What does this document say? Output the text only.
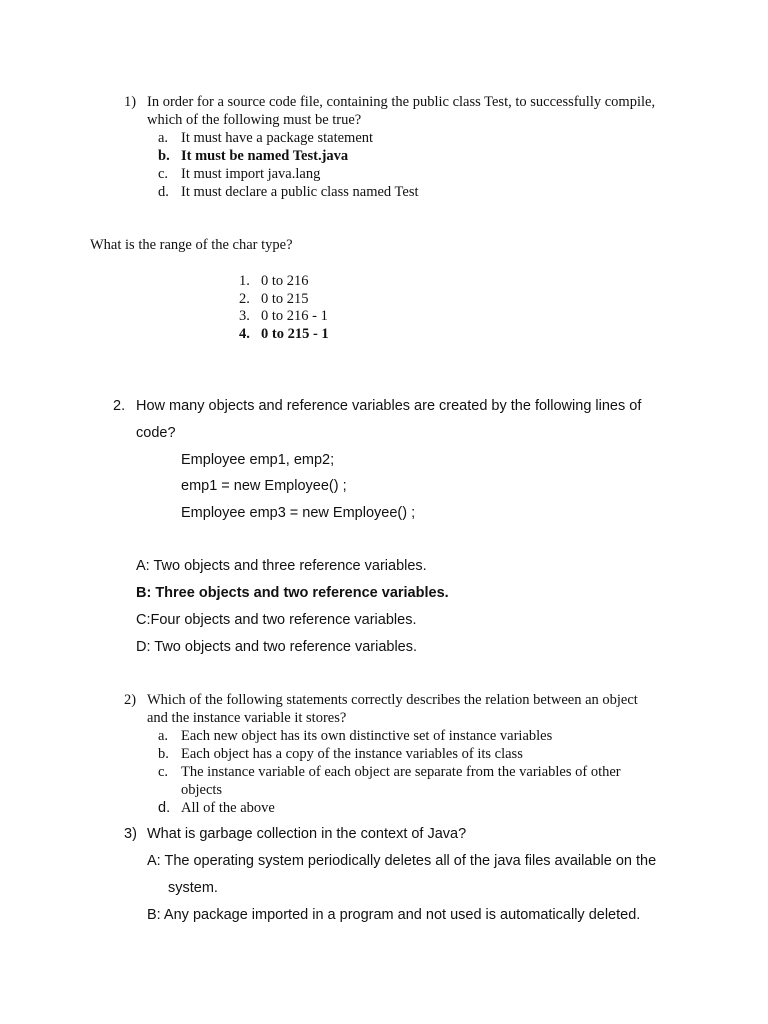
1) In order for a source code file, containing the public class Test, to successfully compile,
which of the following must be true?
a. It must have a package statement
b. It must be named Test.java
c. It must import java.lang
d. It must declare a public class named Test
What is the range of the char type?
1. 0 to 216
2. 0 to 215
3. 0 to 216 - 1
4. 0 to 215 - 1
2. How many objects and reference variables are created by the following lines of
code?
Employee emp1, emp2;
emp1 = new Employee() ;
Employee emp3 = new Employee() ;
A: Two objects and three reference variables.
B: Three objects and two reference variables.
C:Four objects and two reference variables.
D: Two objects and two reference variables.
2) Which of the following statements correctly describes the relation between an object
and the instance variable it stores?
a. Each new object has its own distinctive set of instance variables
b. Each object has a copy of the instance variables of its class
c. The instance variable of each object are separate from the variables of other
objects
d. All of the above
3) What is garbage collection in the context of Java?
A: The operating system periodically deletes all of the java files available on the
system.
B: Any package imported in a program and not used is automatically deleted.
